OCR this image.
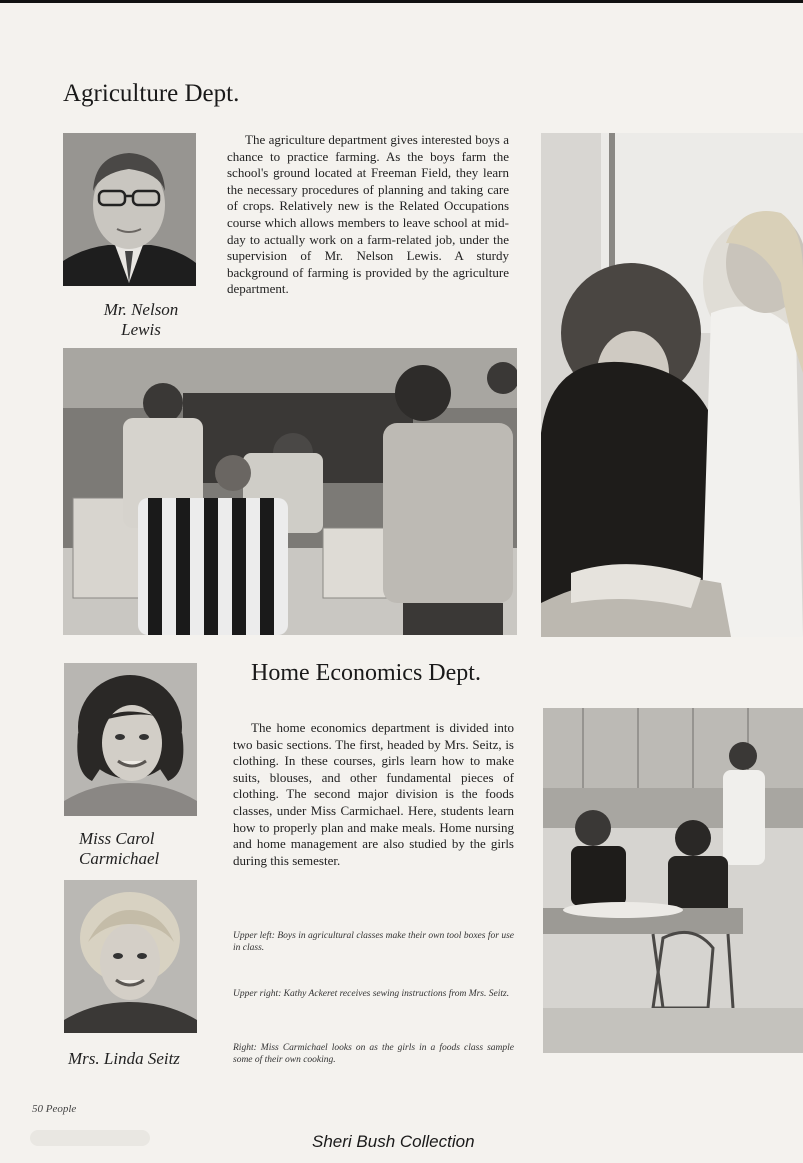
Agriculture Dept.
Mr. Nelson
Lewis
The agriculture department gives interested boys a chance to practice farming. As the boys farm the school's ground located at Freeman Field, they learn the necessary procedures of planning and taking care of crops. Relatively new is the Related Occupations course which allows members to leave school at mid-day to actually work on a farm-related job, under the supervision of Mr. Nelson Lewis. A sturdy background of farming is provided by the agriculture department.
Miss Carol
Carmichael
Mrs. Linda Seitz
Home Economics Dept.
The home economics department is divided into two basic sections. The first, headed by Mrs. Seitz, is clothing. In these courses, girls learn how to make suits, blouses, and other fundamental pieces of clothing. The second major division is the foods classes, under Miss Carmichael. Here, students learn how to properly plan and make meals. Home nursing and home management are also studied by the girls during this semester.
Upper left: Boys in agricultural classes make their own tool boxes for use in class.
Upper right: Kathy Ackeret receives sewing instructions from Mrs. Seitz.
Right: Miss Carmichael looks on as the girls in a foods class sample some of their own cooking.
50 People
Sheri Bush Collection
